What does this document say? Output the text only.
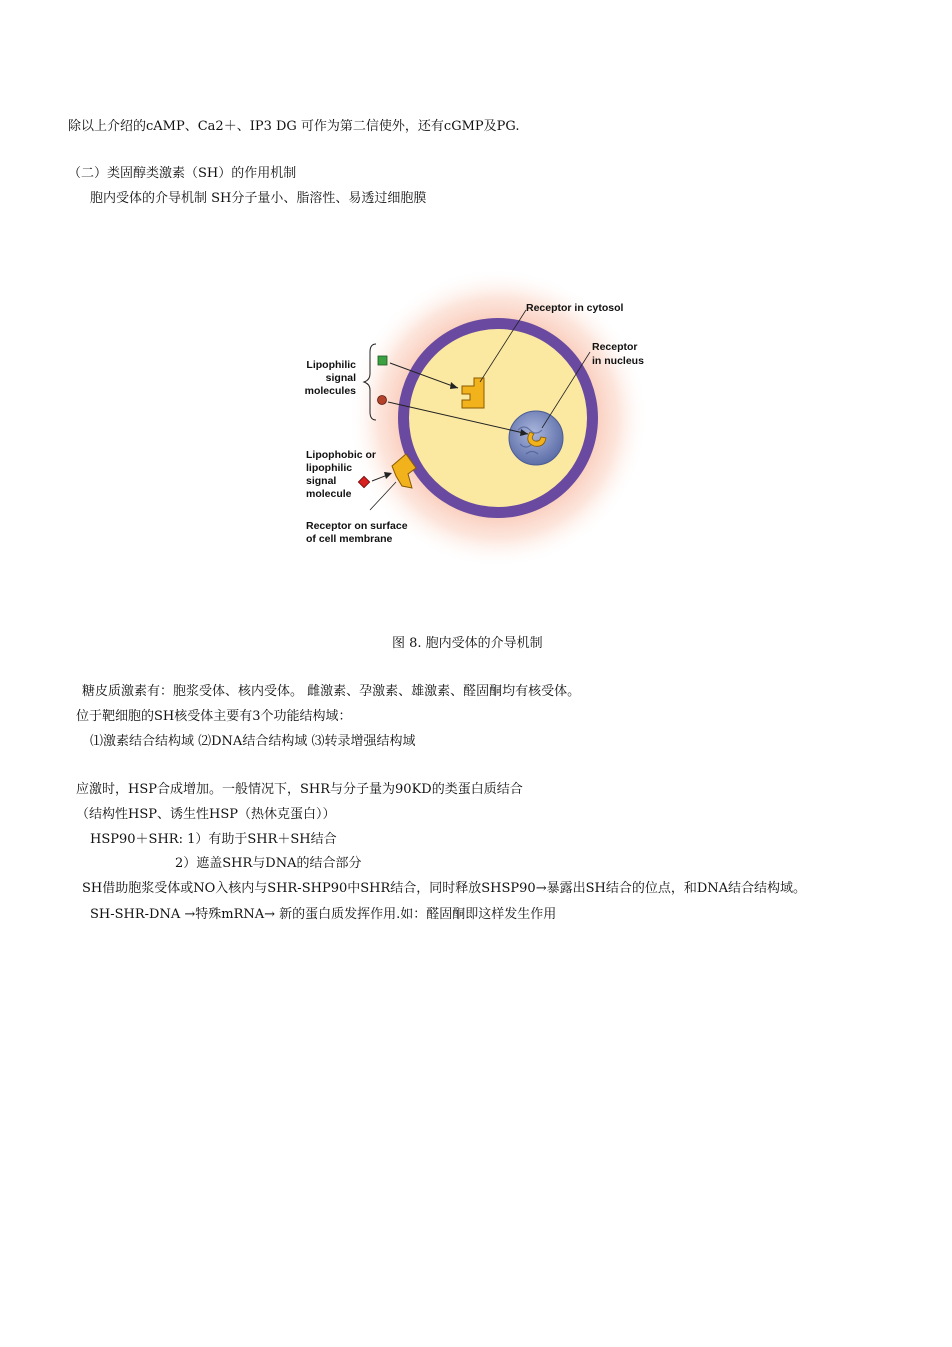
除以上介绍的cAMP、Ca2＋、IP3 DG 可作为第二信使外，还有cGMP及PG.
（二）类固醇类激素（SH）的作用机制
胞内受体的介导机制 SH分子量小、脂溶性、易透过细胞膜
Receptor in cytosol
Receptor
in nucleus
Lipophilic
signal
molecules
Lipophobic or
lipophilic
signal
molecule
Receptor on surface
of cell membrane
图 8. 胞内受体的介导机制
糖皮质激素有：胞浆受体、核内受体。 雌激素、孕激素、雄激素、醛固酮均有核受体。
位于靶细胞的SH核受体主要有3个功能结构域：
⑴激素结合结构域 ⑵DNA结合结构域 ⑶转录增强结构域
应激时，HSP合成增加。一般情况下，SHR与分子量为90KD的类蛋白质结合
（结构性HSP、诱生性HSP（热休克蛋白））
HSP90＋SHR: 1）有助于SHR＋SH结合
2）遮盖SHR与DNA的结合部分
SH借助胞浆受体或NO入核内与SHR-SHP90中SHR结合，同时释放SHSP90→暴露出SH结合的位点，和DNA结合结构域。
SH-SHR-DNA →特殊mRNA→ 新的蛋白质发挥作用.如：醛固酮即这样发生作用
